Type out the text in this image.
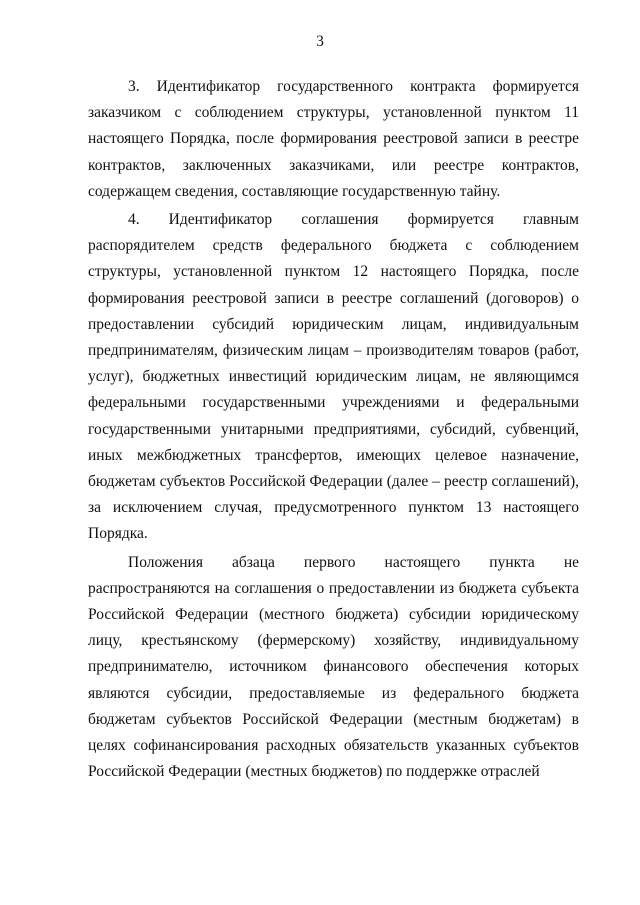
3

3. Идентификатор государственного контракта формируется заказчиком с соблюдением структуры, установленной пунктом 11 настоящего Порядка, после формирования реестровой записи в реестре контрактов, заключенных заказчиками, или реестре контрактов, содержащем сведения, составляющие государственную тайну.

4. Идентификатор соглашения формируется главным распорядителем средств федерального бюджета с соблюдением структуры, установленной пунктом 12 настоящего Порядка, после формирования реестровой записи в реестре соглашений (договоров) о предоставлении субсидий юридическим лицам, индивидуальным предпринимателям, физическим лицам – производителям товаров (работ, услуг), бюджетных инвестиций юридическим лицам, не являющимся федеральными государственными учреждениями и федеральными государственными унитарными предприятиями, субсидий, субвенций, иных межбюджетных трансфертов, имеющих целевое назначение, бюджетам субъектов Российской Федерации (далее – реестр соглашений), за исключением случая, предусмотренного пунктом 13 настоящего Порядка.

Положения абзаца первого настоящего пункта не распространяются на соглашения о предоставлении из бюджета субъекта Российской Федерации (местного бюджета) субсидии юридическому лицу, крестьянскому (фермерскому) хозяйству, индивидуальному предпринимателю, источником финансового обеспечения которых являются субсидии, предоставляемые из федерального бюджета бюджетам субъектов Российской Федерации (местным бюджетам) в целях софинансирования расходных обязательств указанных субъектов Российской Федерации (местных бюджетов) по поддержке отраслей
